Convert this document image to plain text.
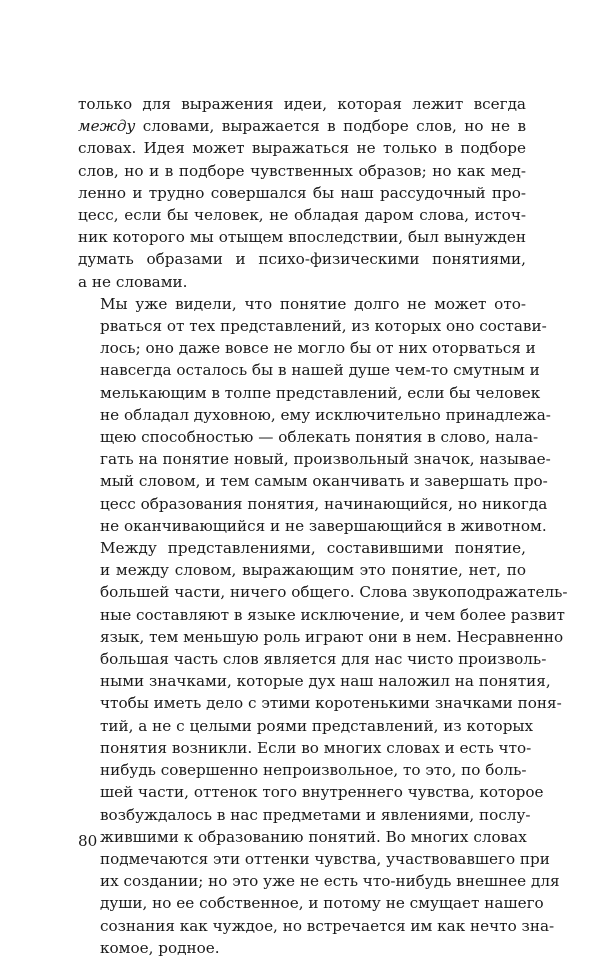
только для выражения идеи, которая лежит всегда
между словами, выражается в подборе слов, но не в
словах. Идея может выражаться не только в подборе
слов, но и в подборе чувственных образов; но как мед-
ленно и трудно совершался бы наш рассудочный про-
цесс, если бы человек, не обладая даром слова, источ-
ник которого мы отыщем впоследствии, был вынужден
думать образами и психо-физическими понятиями,
а не словами.

Мы уже видели, что понятие долго не может ото-
рваться от тех представлений, из которых оно состави-
лось; оно даже вовсе не могло бы от них оторваться и
навсегда осталось бы в нашей душе чем-то смутным и
мелькающим в толпе представлений, если бы человек
не обладал духовною, ему исключительно принадлежа-
щею способностью — облекать понятия в слово, нала-
гать на понятие новый, произвольный значок, называе-
мый словом, и тем самым оканчивать и завершать про-
цесс образования понятия, начинающийся, но никогда
не оканчивающийся и не завершающийся в животном.

Между представлениями, составившими понятие,
и между словом, выражающим это понятие, нет, по
большей части, ничего общего. Слова звукоподражатель-
ные составляют в языке исключение, и чем более развит
язык, тем меньшую роль играют они в нем. Несравненно
большая часть слов является для нас чисто произволь-
ными значками, которые дух наш наложил на понятия,
чтобы иметь дело с этими коротенькими значками поня-
тий, а не с целыми роями представлений, из которых
понятия возникли. Если во многих словах и есть что-
нибудь совершенно непроизвольное, то это, по боль-
шей части, оттенок того внутреннего чувства, которое
возбуждалось в нас предметами и явлениями, послу-
жившими к образованию понятий. Во многих словах
подмечаются эти оттенки чувства, участвовавшего при
их создании; но это уже не есть что-нибудь внешнее для
души, но ее собственное, и потому не смущает нашего
сознания как чуждое, но встречается им как нечто зна-
комое, родное.

80
